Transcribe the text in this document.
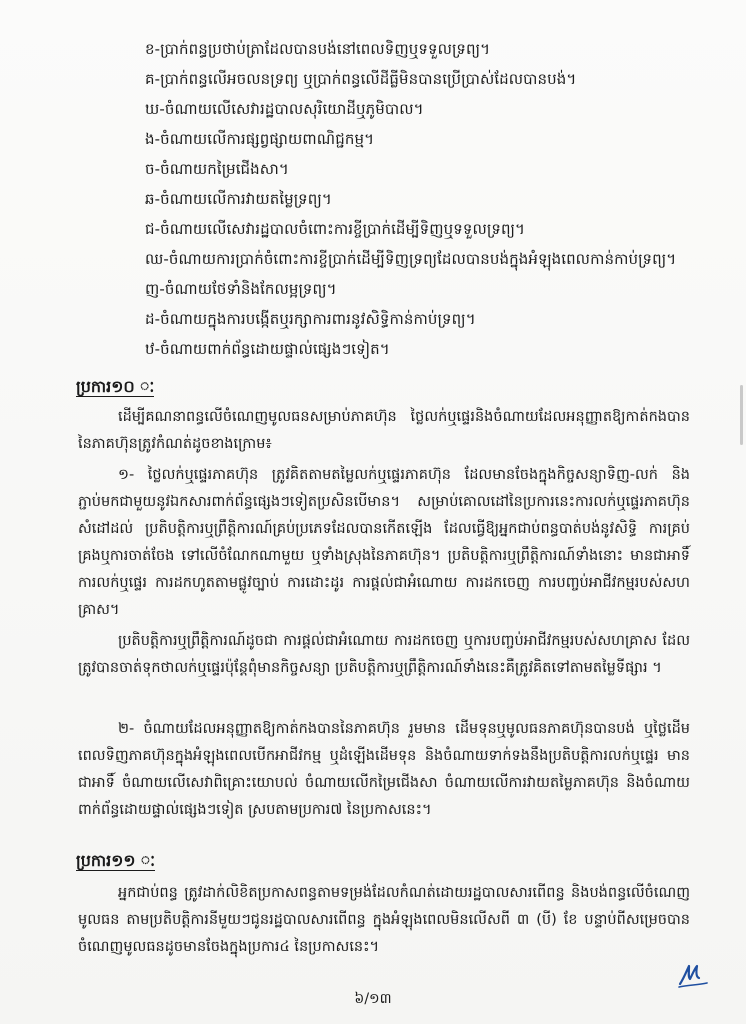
ខ-ប្រាក់ពន្ធប្រថាប់ត្រាដែលបានបង់នៅពេលទិញឬទទួលទ្រព្យ។
គ-ប្រាក់ពន្ធលើអចលនទ្រព្យ ឬប្រាក់ពន្ធលើដីធ្លីមិនបានប្រើប្រាស់ដែលបានបង់។
ឃ-ចំណាយលើសេវារដ្ឋបាលសុរិយោដីឬភូមិបាល។
ង-ចំណាយលើការផ្សព្វផ្សាយពាណិជ្ជកម្ម។
ច-ចំណាយកម្រៃជើងសា។
ឆ-ចំណាយលើការវាយតម្លៃទ្រព្យ។
ជ-ចំណាយលើសេវារដ្ឋបាលចំពោះការខ្ចីប្រាក់ដើម្បីទិញឬទទួលទ្រព្យ។
ឈ-ចំណាយការប្រាក់ចំពោះការខ្ចីប្រាក់ដើម្បីទិញទ្រព្យដែលបានបង់ក្នុងអំឡុងពេលកាន់កាប់ទ្រព្យ។
ញ-ចំណាយថែទាំនិងកែលម្អទ្រព្យ។
ដ-ចំណាយក្នុងការបង្កើតឬរក្សាការពារនូវសិទ្ធិកាន់កាប់ទ្រព្យ។
ឋ-ចំណាយពាក់ព័ន្ធដោយផ្ទាល់ផ្សេងៗទៀត។
ប្រការ១០ ៈ
ដើម្បីគណនាពន្ធលើចំណេញមូលធនសម្រាប់ភាគហ៊ុន ថ្លៃលក់ឬផ្ទេរនិងចំណាយដែលអនុញ្ញាតឱ្យកាត់កងបាននៃភាគហ៊ុនត្រូវកំណត់ដូចខាងក្រោម៖
១- ថ្លៃលក់ឬផ្ទេរភាគហ៊ុន ត្រូវគិតតាមតម្លៃលក់ឬផ្ទេរភាគហ៊ុន ដែលមានចែងក្នុងកិច្ចសន្យាទិញ-លក់ និងភ្ជាប់មកជាមួយនូវឯកសារពាក់ព័ន្ធផ្សេងៗទៀតប្រសិនបើមាន។ សម្រាប់គោលដៅនៃប្រការនេះការលក់ឬផ្ទេរភាគហ៊ុន សំដៅដល់ ប្រតិបត្តិការឬព្រឹត្តិការណ៍គ្រប់ប្រភេទដែលបានកើតឡើង ដែលធ្វើឱ្យអ្នកជាប់ពន្ធបាត់បង់នូវសិទ្ធិ ការគ្រប់គ្រងឬការចាត់ចែង ទៅលើចំណែកណាមួយ ឬទាំងស្រុងនៃភាគហ៊ុន។ ប្រតិបត្តិការឬព្រឹត្តិការណ៍ទាំងនោះ មានជាអាទិ៍ ការលក់ឬផ្ទេរ ការដកហូតតាមផ្លូវច្បាប់ ការដោះដូរ ការផ្តល់ជាអំណោយ ការដកចេញ ការបញ្ចប់អាជីវកម្មរបស់សហគ្រាស។
ប្រតិបត្តិការឬព្រឹត្តិការណ៍ដូចជា ការផ្តល់ជាអំណោយ ការដកចេញ ឬការបញ្ចប់អាជីវកម្មរបស់សហគ្រាស ដែលត្រូវបានចាត់ទុកថាលក់ឬផ្ទេរប៉ុន្តែពុំមានកិច្ចសន្យា ប្រតិបត្តិការឬព្រឹត្តិការណ៍ទាំងនេះគឺត្រូវគិតទៅតាមតម្លៃទីផ្សារ ។
២- ចំណាយដែលអនុញ្ញាតឱ្យកាត់កងបាននៃភាគហ៊ុន រួមមាន ដើមទុនឬមូលធនភាគហ៊ុនបានបង់ ឬថ្លៃដើមពេលទិញភាគហ៊ុនក្នុងអំឡុងពេលបើកអាជីវកម្ម ឬដំឡើងដើមទុន និងចំណាយទាក់ទងនឹងប្រតិបត្តិការលក់ឬផ្ទេរ មានជាអាទិ៍ ចំណាយលើសេវាពិគ្រោះយោបល់ ចំណាយលើកម្រៃជើងសា ចំណាយលើការវាយតម្លៃភាគហ៊ុន និងចំណាយពាក់ព័ន្ធដោយផ្ទាល់ផ្សេងៗទៀត ស្របតាមប្រការ៧ នៃប្រកាសនេះ។
ប្រការ១១ ៈ
អ្នកជាប់ពន្ធ ត្រូវដាក់លិខិតប្រកាសពន្ធតាមទម្រង់ដែលកំណត់ដោយរដ្ឋបាលសារពើពន្ធ និងបង់ពន្ធលើចំណេញមូលធន តាមប្រតិបត្តិការនីមួយៗជូនរដ្ឋបាលសារពើពន្ធ ក្នុងអំឡុងពេលមិនលើសពី ៣ (បី) ខែ បន្ទាប់ពីសម្រេចបានចំណេញមូលធនដូចមានចែងក្នុងប្រការ៤ នៃប្រកាសនេះ។
៦/១៣
